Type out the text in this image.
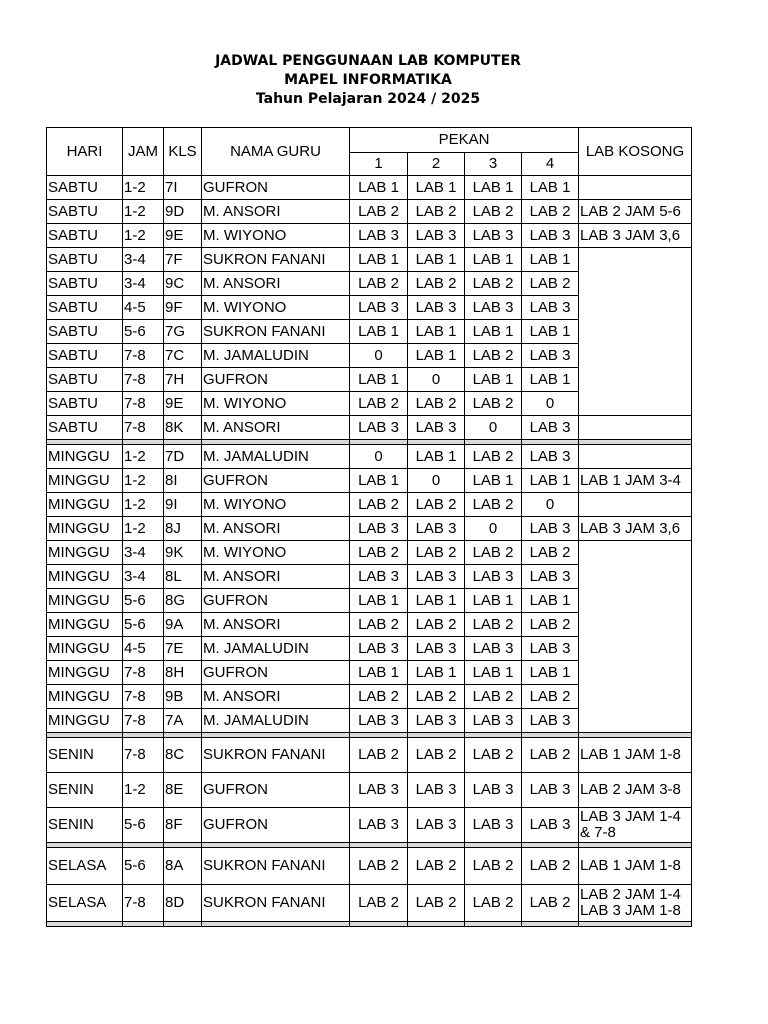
JADWAL PENGGUNAAN LAB KOMPUTER
MAPEL INFORMATIKA
Tahun Pelajaran 2024 / 2025
HARI	JAM	KLS	NAMA GURU	PEKAN				LAB KOSONG
				1	2	3	4	
SABTU	1-2	7I	GUFRON	LAB 1	LAB 1	LAB 1	LAB 1	
SABTU	1-2	9D	M. ANSORI	LAB 2	LAB 2	LAB 2	LAB 2	LAB 2 JAM 5-6
SABTU	1-2	9E	M. WIYONO	LAB 3	LAB 3	LAB 3	LAB 3	LAB 3 JAM 3,6
SABTU	3-4	7F	SUKRON FANANI	LAB 1	LAB 1	LAB 1	LAB 1	
SABTU	3-4	9C	M. ANSORI	LAB 2	LAB 2	LAB 2	LAB 2	
SABTU	4-5	9F	M. WIYONO	LAB 3	LAB 3	LAB 3	LAB 3	
SABTU	5-6	7G	SUKRON FANANI	LAB 1	LAB 1	LAB 1	LAB 1	
SABTU	7-8	7C	M. JAMALUDIN	0	LAB 1	LAB 2	LAB 3	
SABTU	7-8	7H	GUFRON	LAB 1	0	LAB 1	LAB 1	
SABTU	7-8	9E	M. WIYONO	LAB 2	LAB 2	LAB 2	0	
SABTU	7-8	8K	M. ANSORI	LAB 3	LAB 3	0	LAB 3	

MINGGU	1-2	7D	M. JAMALUDIN	0	LAB 1	LAB 2	LAB 3	
MINGGU	1-2	8I	GUFRON	LAB 1	0	LAB 1	LAB 1	LAB 1 JAM 3-4
MINGGU	1-2	9I	M. WIYONO	LAB 2	LAB 2	LAB 2	0	
MINGGU	1-2	8J	M. ANSORI	LAB 3	LAB 3	0	LAB 3	LAB 3 JAM 3,6
MINGGU	3-4	9K	M. WIYONO	LAB 2	LAB 2	LAB 2	LAB 2	
MINGGU	3-4	8L	M. ANSORI	LAB 3	LAB 3	LAB 3	LAB 3	
MINGGU	5-6	8G	GUFRON	LAB 1	LAB 1	LAB 1	LAB 1	
MINGGU	5-6	9A	M. ANSORI	LAB 2	LAB 2	LAB 2	LAB 2	
MINGGU	4-5	7E	M. JAMALUDIN	LAB 3	LAB 3	LAB 3	LAB 3	
MINGGU	7-8	8H	GUFRON	LAB 1	LAB 1	LAB 1	LAB 1	
MINGGU	7-8	9B	M. ANSORI	LAB 2	LAB 2	LAB 2	LAB 2	
MINGGU	7-8	7A	M. JAMALUDIN	LAB 3	LAB 3	LAB 3	LAB 3	

SENIN	7-8	8C	SUKRON FANANI	LAB 2	LAB 2	LAB 2	LAB 2	LAB 1 JAM 1-8

SENIN	1-2	8E	GUFRON	LAB 3	LAB 3	LAB 3	LAB 3	LAB 2 JAM 3-8

SENIN	5-6	8F	GUFRON	LAB 3	LAB 3	LAB 3	LAB 3	LAB 3 JAM 1-4
& 7-8

SELASA	5-6	8A	SUKRON FANANI	LAB 2	LAB 2	LAB 2	LAB 2	LAB 1 JAM 1-8

SELASA	7-8	8D	SUKRON FANANI	LAB 2	LAB 2	LAB 2	LAB 2	LAB 2 JAM 1-4
LAB 3 JAM 1-8
